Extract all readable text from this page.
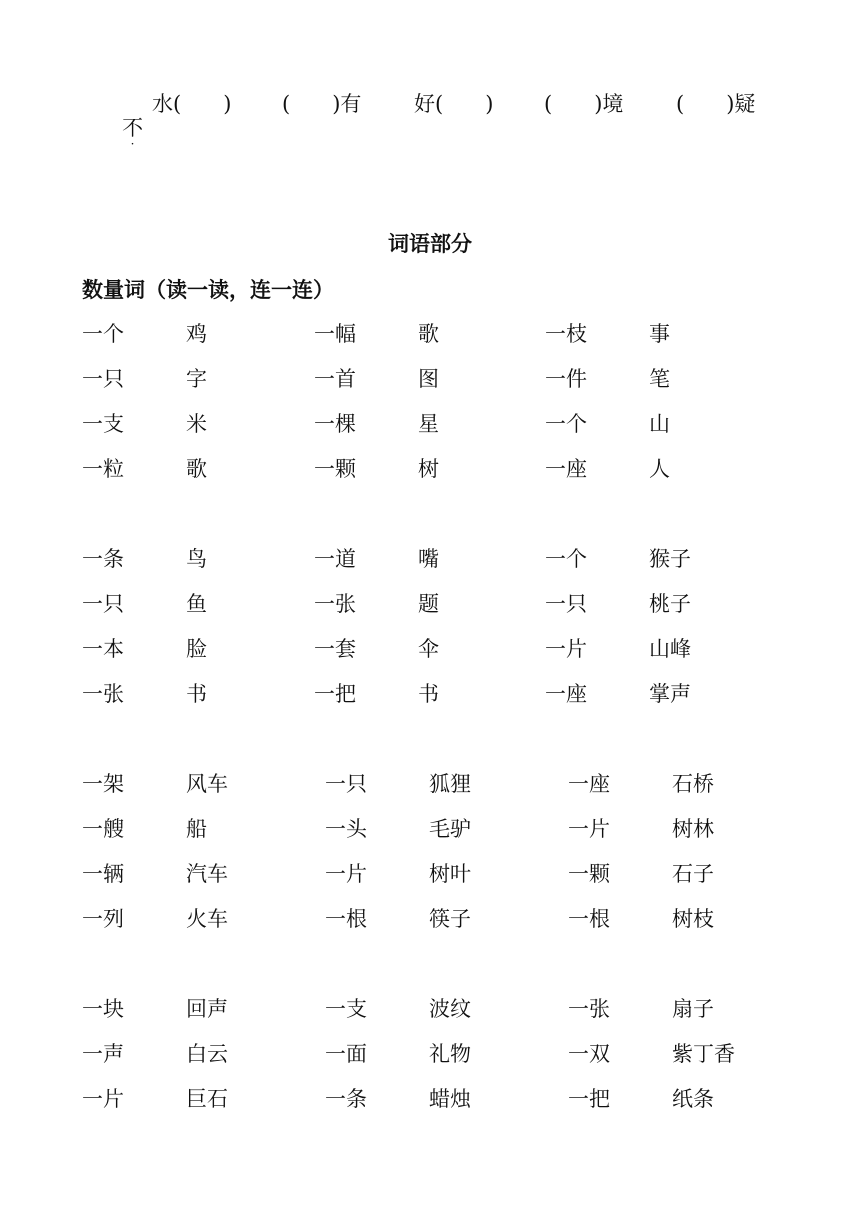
不
·

水(　　) (　　)有	好(　　) (　　)境	(　　)疑
词语部分
数量词（读一读，连一连）
一个	鸡	一幅	歌	一枝	事
一只	字	一首	图	一件	笔
一支	米	一棵	星	一个	山
一粒	歌	一颗	树	一座	人
一条	鸟	一道	嘴	一个	猴子
一只	鱼	一张	题	一只	桃子
一本	脸	一套	伞	一片	山峰
一张	书	一把	书	一座	掌声
一架	风车	一只	狐狸	一座	石桥
一艘	船	一头	毛驴	一片	树林
一辆	汽车	一片	树叶	一颗	石子
一列	火车	一根	筷子	一根	树枝
一块	回声	一支	波纹	一张	扇子
一声	白云	一面	礼物	一双	紫丁香
一片	巨石	一条	蜡烛	一把	纸条
